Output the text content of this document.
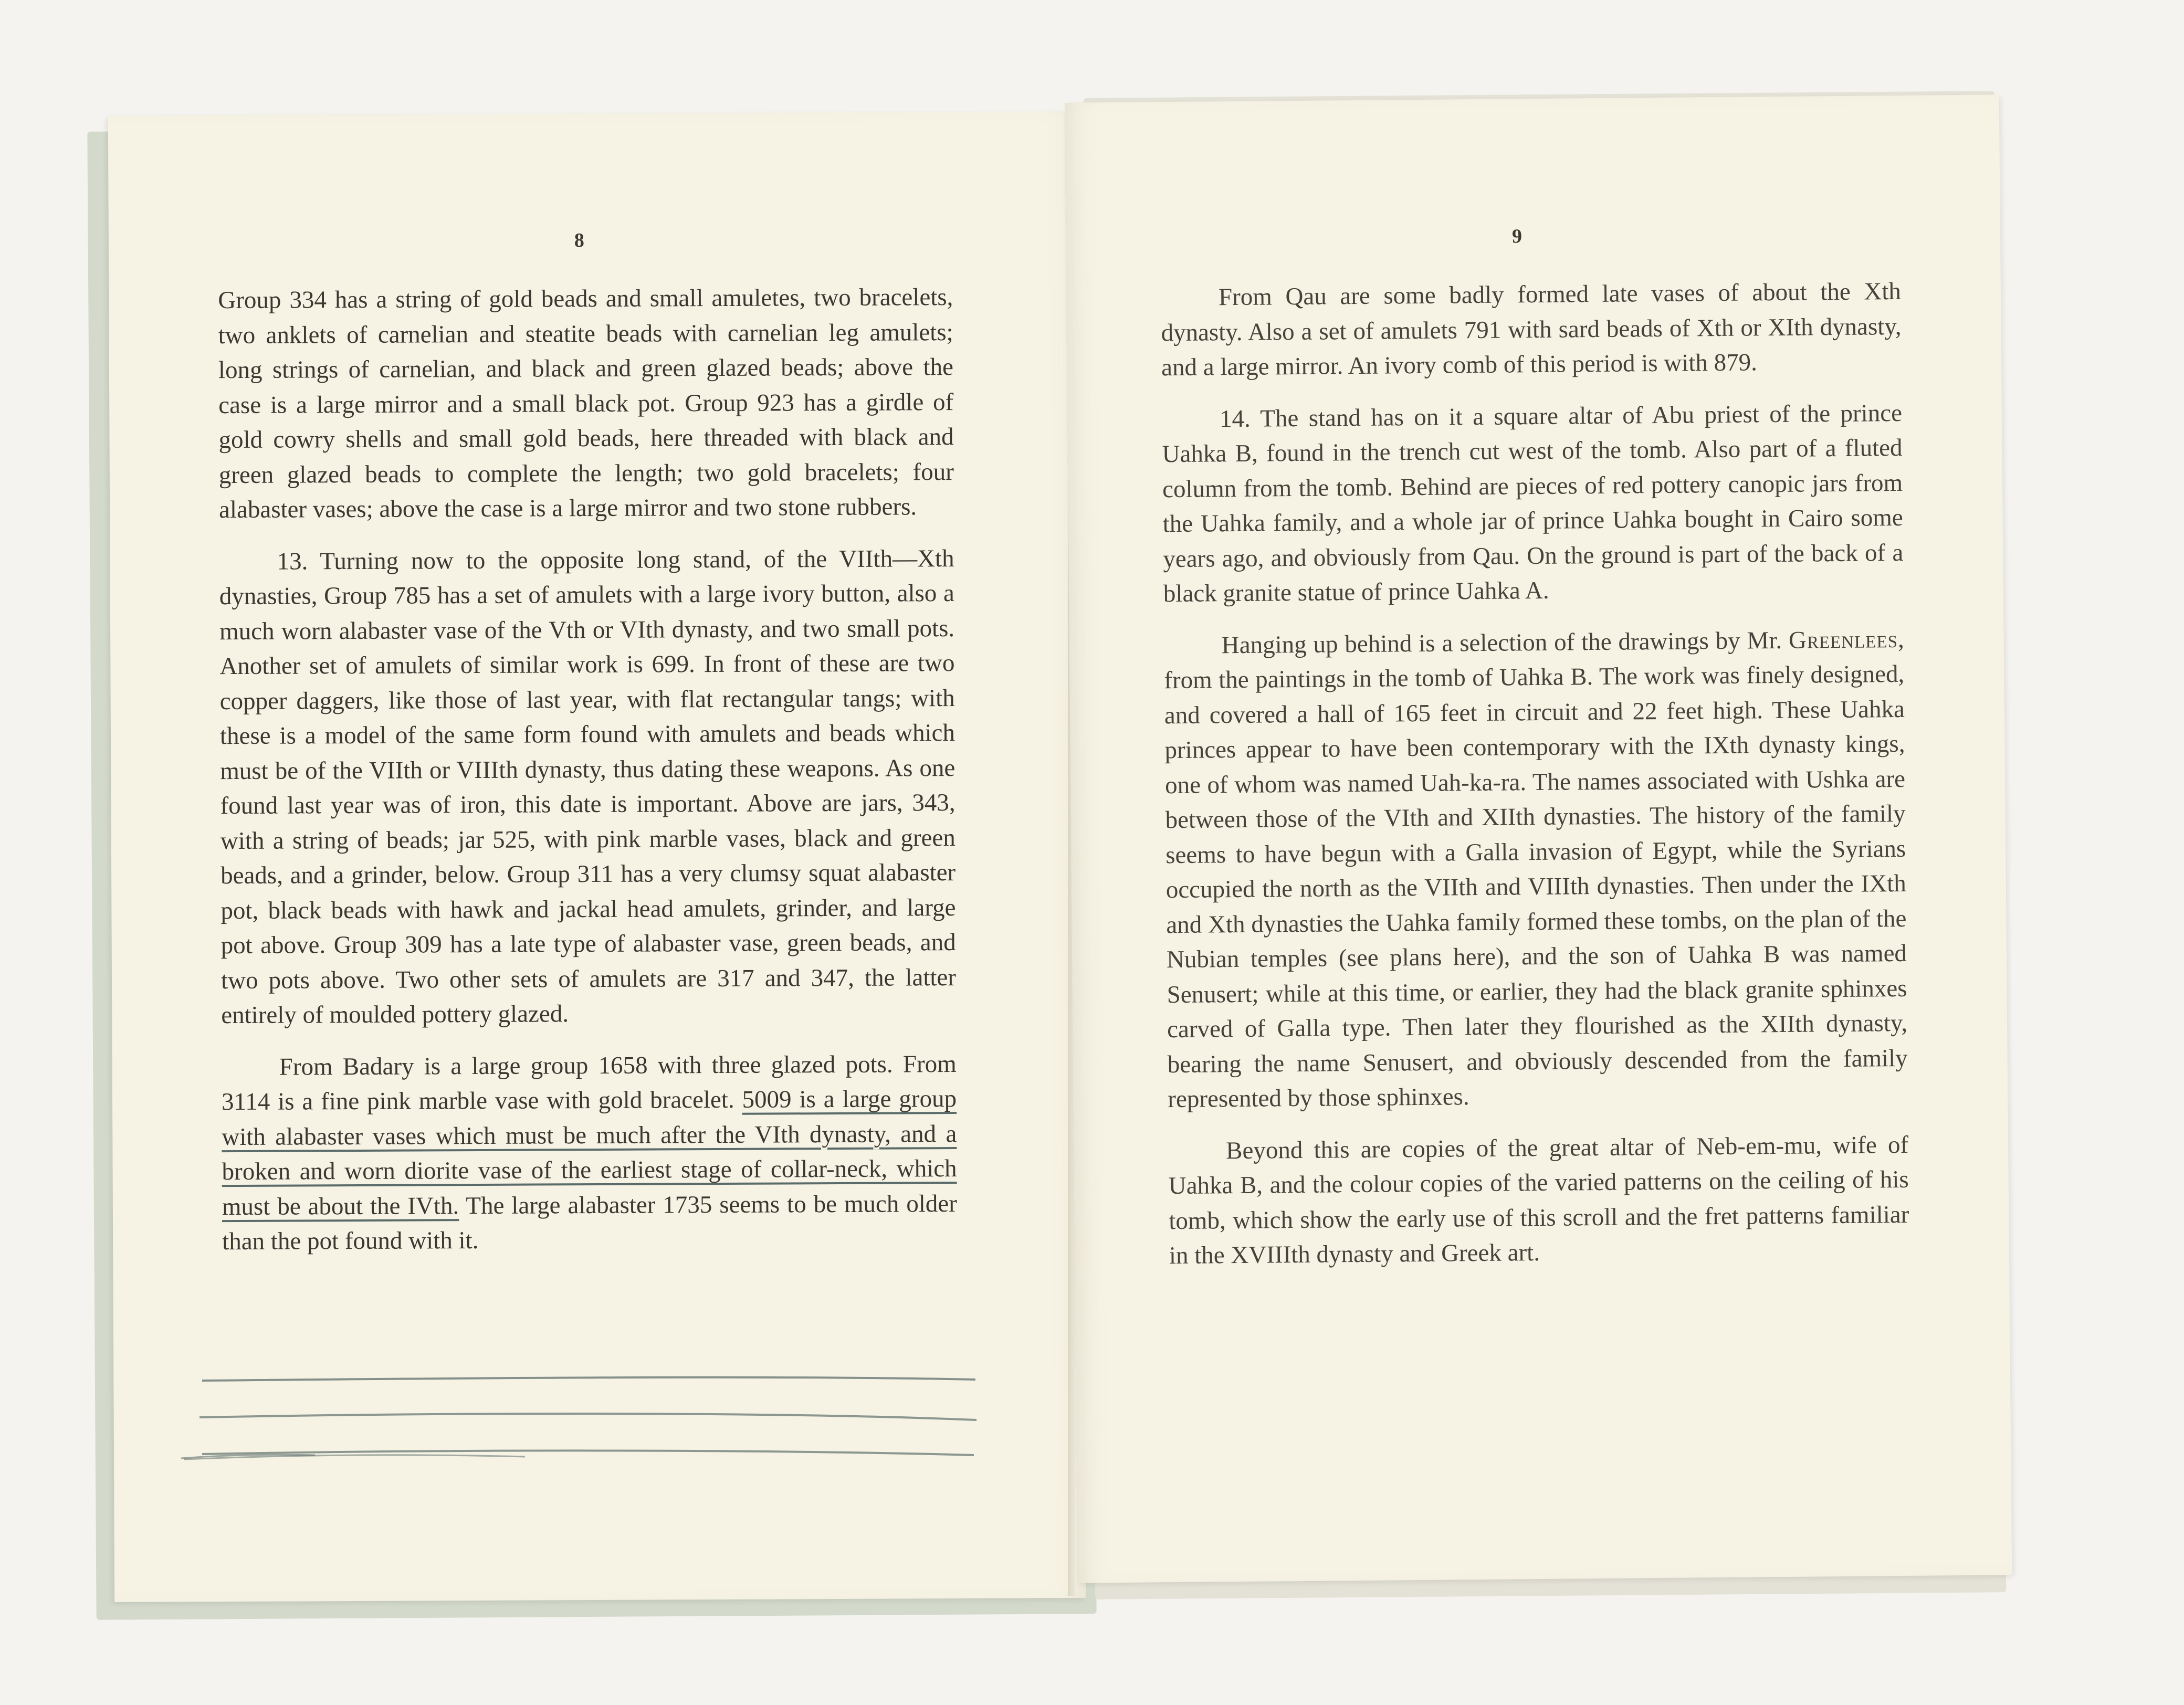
8

Group 334 has a string of gold beads and small amuletes, two bracelets, two anklets of carnelian and steatite beads with carnelian leg amulets; long strings of carnelian, and black and green glazed beads; above the case is a large mirror and a small black pot. Group 923 has a girdle of gold cowry shells and small gold beads, here threaded with black and green glazed beads to complete the length; two gold bracelets; four alabaster vases; above the case is a large mirror and two stone rubbers.

13. Turning now to the opposite long stand, of the VIIth—Xth dynasties, Group 785 has a set of amulets with a large ivory button, also a much worn alabaster vase of the Vth or VIth dynasty, and two small pots. Another set of amulets of similar work is 699. In front of these are two copper daggers, like those of last year, with flat rectangular tangs; with these is a model of the same form found with amulets and beads which must be of the VIIth or VIIIth dynasty, thus dating these weapons. As one found last year was of iron, this date is important. Above are jars, 343, with a string of beads; jar 525, with pink marble vases, black and green beads, and a grinder, below. Group 311 has a very clumsy squat alabaster pot, black beads with hawk and jackal head amulets, grinder, and large pot above. Group 309 has a late type of alabaster vase, green beads, and two pots above. Two other sets of amulets are 317 and 347, the latter entirely of moulded pottery glazed.

From Badary is a large group 1658 with three glazed pots. From 3114 is a fine pink marble vase with gold bracelet. 5009 is a large group with alabaster vases which must be much after the VIth dynasty, and a broken and worn diorite vase of the earliest stage of collar-neck, which must be about the IVth. The large alabaster 1735 seems to be much older than the pot found with it.

9

From Qau are some badly formed late vases of about the Xth dynasty. Also a set of amulets 791 with sard beads of Xth or XIth dynasty, and a large mirror. An ivory comb of this period is with 879.

14. The stand has on it a square altar of Abu priest of the prince Uahka B, found in the trench cut west of the tomb. Also part of a fluted column from the tomb. Behind are pieces of red pottery canopic jars from the Uahka family, and a whole jar of prince Uahka bought in Cairo some years ago, and obviously from Qau. On the ground is part of the back of a black granite statue of prince Uahka A.

Hanging up behind is a selection of the drawings by Mr. Greenlees, from the paintings in the tomb of Uahka B. The work was finely designed, and covered a hall of 165 feet in circuit and 22 feet high. These Uahka princes appear to have been contemporary with the IXth dynasty kings, one of whom was named Uah-ka-ra. The names associated with Ushka are between those of the VIth and XIIth dynasties. The history of the family seems to have begun with a Galla invasion of Egypt, while the Syrians occupied the north as the VIIth and VIIIth dynasties. Then under the IXth and Xth dynasties the Uahka family formed these tombs, on the plan of the Nubian temples (see plans here), and the son of Uahka B was named Senusert; while at this time, or earlier, they had the black granite sphinxes carved of Galla type. Then later they flourished as the XIIth dynasty, bearing the name Senusert, and obviously descended from the family represented by those sphinxes.

Beyond this are copies of the great altar of Neb-em-mu, wife of Uahka B, and the colour copies of the varied patterns on the ceiling of his tomb, which show the early use of this scroll and the fret patterns familiar in the XVIIIth dynasty and Greek art.
